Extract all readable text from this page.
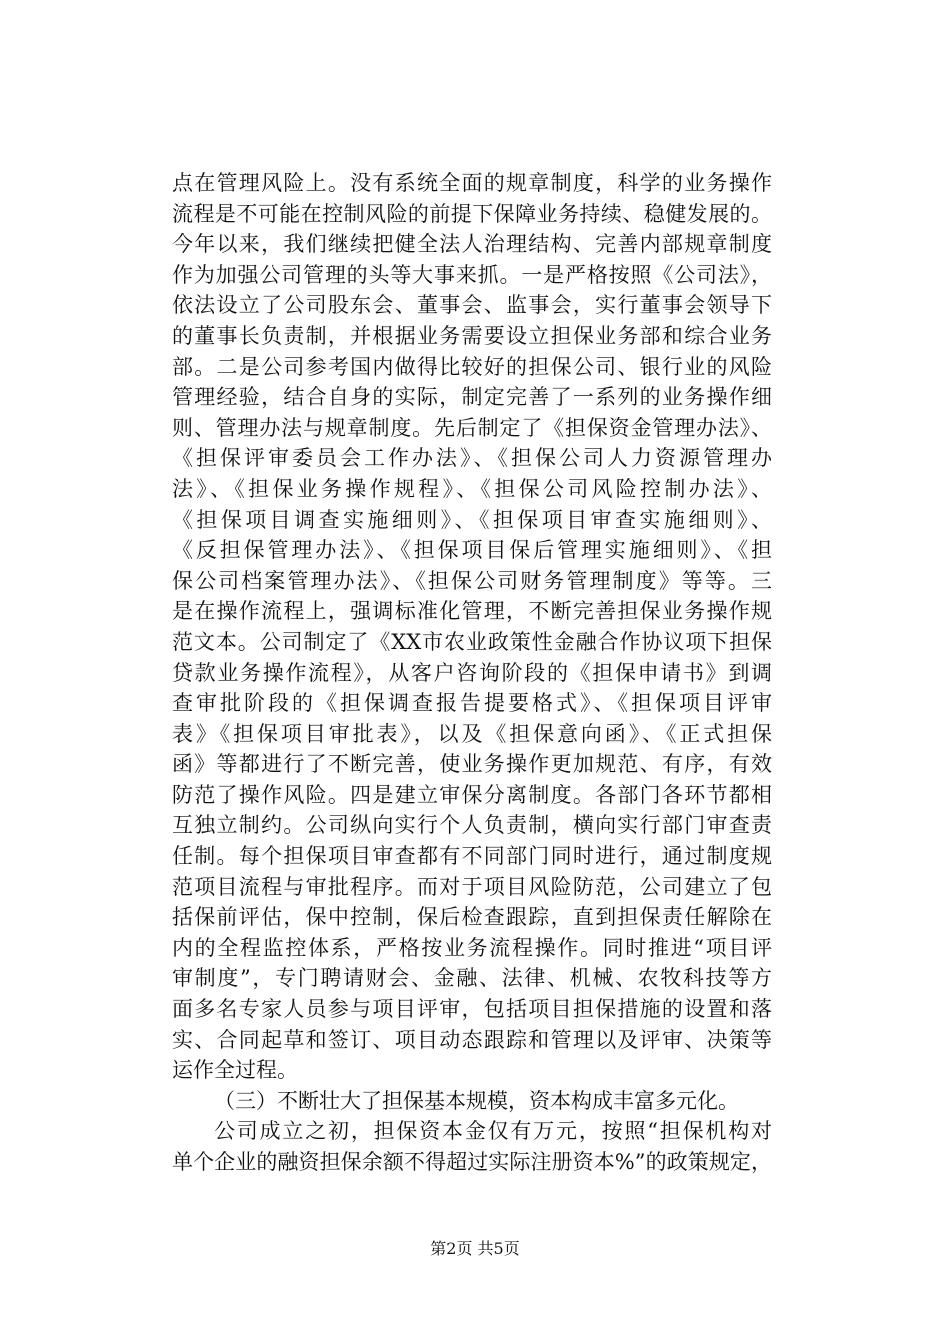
点在管理风险上。没有系统全面的规章制度，科学的业务操作
流程是不可能在控制风险的前提下保障业务持续、稳健发展的。
今年以来，我们继续把健全法人治理结构、完善内部规章制度
作为加强公司管理的头等大事来抓。一是严格按照《公司法》，
依法设立了公司股东会、董事会、监事会，实行董事会领导下
的董事长负责制，并根据业务需要设立担保业务部和综合业务
部。二是公司参考国内做得比较好的担保公司、银行业的风险
管理经验，结合自身的实际，制定完善了一系列的业务操作细
则、管理办法与规章制度。先后制定了《担保资金管理办法》、
《担保评审委员会工作办法》、《担保公司人力资源管理办
法》、《担保业务操作规程》、《担保公司风险控制办法》、
《担保项目调查实施细则》、《担保项目审查实施细则》、
《反担保管理办法》、《担保项目保后管理实施细则》、《担
保公司档案管理办法》、《担保公司财务管理制度》等等。三
是在操作流程上，强调标准化管理，不断完善担保业务操作规
范文本。公司制定了《XX市农业政策性金融合作协议项下担保
贷款业务操作流程》，从客户咨询阶段的《担保申请书》到调
查审批阶段的《担保调查报告提要格式》、《担保项目评审
表》《担保项目审批表》，以及《担保意向函》、《正式担保
函》等都进行了不断完善，使业务操作更加规范、有序，有效
防范了操作风险。四是建立审保分离制度。各部门各环节都相
互独立制约。公司纵向实行个人负责制，横向实行部门审查责
任制。每个担保项目审查都有不同部门同时进行，通过制度规
范项目流程与审批程序。而对于项目风险防范，公司建立了包
括保前评估，保中控制，保后检查跟踪，直到担保责任解除在
内的全程监控体系，严格按业务流程操作。同时推进“项目评
审制度”，专门聘请财会、金融、法律、机械、农牧科技等方
面多名专家人员参与项目评审，包括项目担保措施的设置和落
实、合同起草和签订、项目动态跟踪和管理以及评审、决策等
运作全过程。
（三）不断壮大了担保基本规模，资本构成丰富多元化。
公司成立之初，担保资本金仅有万元，按照“担保机构对
单个企业的融资担保余额不得超过实际注册资本%”的政策规定，
第2页 共5页
